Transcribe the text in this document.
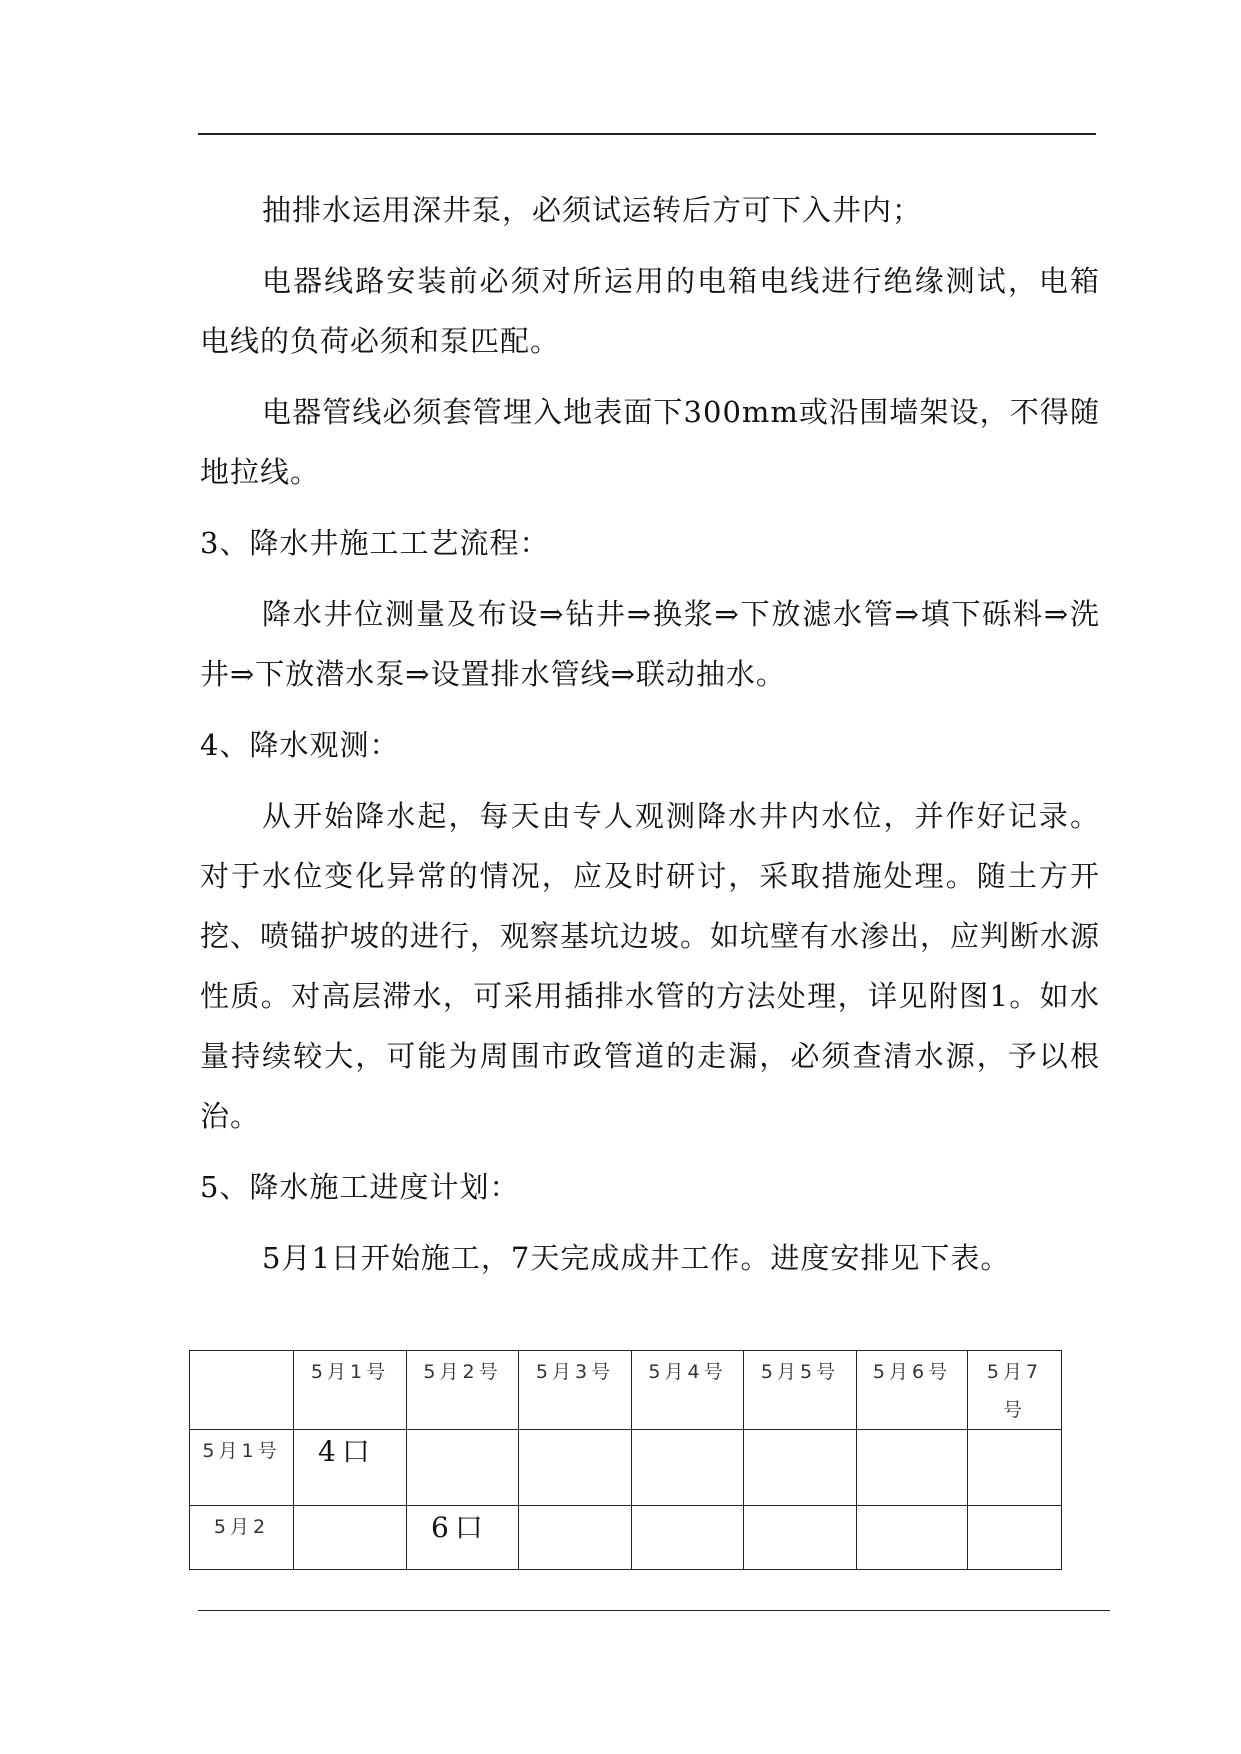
抽排水运用深井泵，必须试运转后方可下入井内；

电器线路安装前必须对所运用的电箱电线进行绝缘测试，电箱电线的负荷必须和泵匹配。

电器管线必须套管埋入地表面下300mm或沿围墙架设，不得随地拉线。

3、降水井施工工艺流程：

降水井位测量及布设⇒钻井⇒换浆⇒下放滤水管⇒填下砾料⇒洗井⇒下放潜水泵⇒设置排水管线⇒联动抽水。

4、降水观测：

从开始降水起，每天由专人观测降水井内水位，并作好记录。对于水位变化异常的情况，应及时研讨，采取措施处理。随土方开挖、喷锚护坡的进行，观察基坑边坡。如坑壁有水渗出，应判断水源性质。对高层滞水，可采用插排水管的方法处理，详见附图1。如水量持续较大，可能为周围市政管道的走漏，必须查清水源，予以根治。

5、降水施工进度计划：

5月1日开始施工，7天完成成井工作。进度安排见下表。

	5月1号	5月2号	5月3号	5月4号	5月5号	5月6号	5月7号

5月1号	4口						

5月2		6口					
